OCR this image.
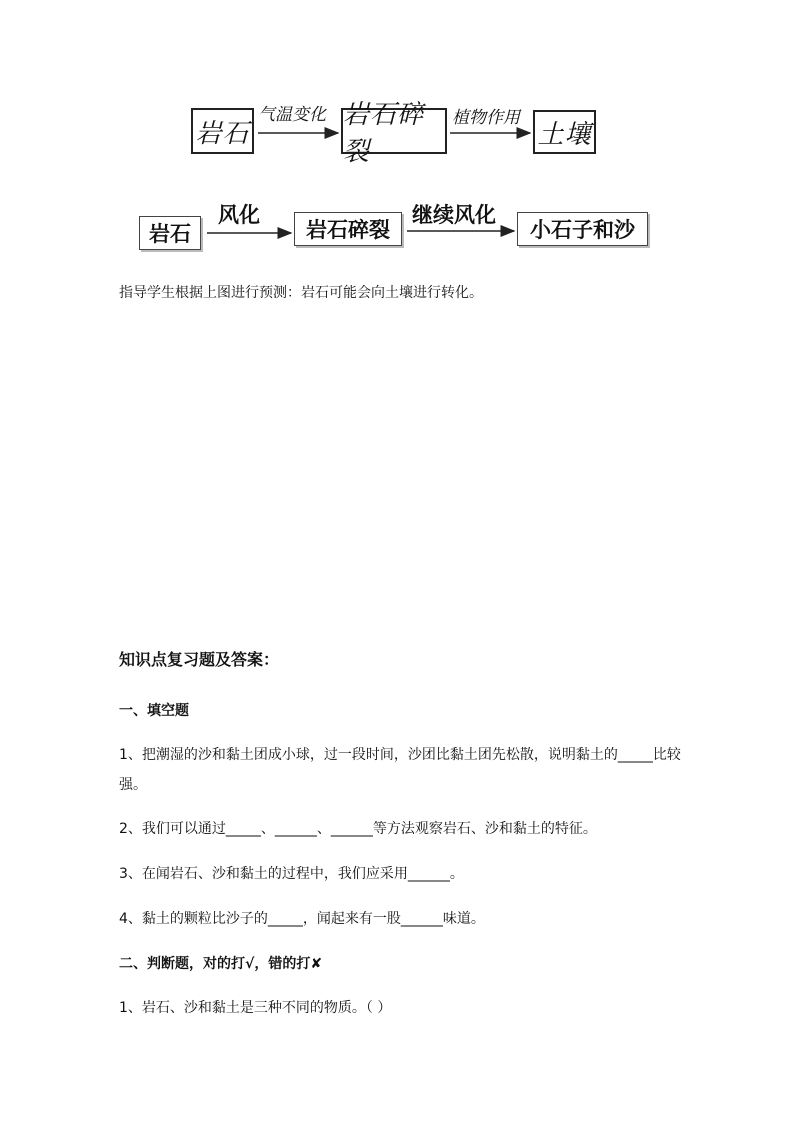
岩石
气温变化 岩石碎裂
植物作用
土壤
岩石
风化
岩石碎裂
继续风化
小石子和沙
指导学生根据上图进行预测：岩石可能会向土壤进行转化。
知识点复习题及答案：
一、填空题
1、把潮湿的沙和黏土团成小球，过一段时间，沙团比黏土团先松散，说明黏土的_____比较
强。
2、我们可以通过_____、______、______等方法观察岩石、沙和黏土的特征。
3、在闻岩石、沙和黏土的过程中，我们应采用______。
4、黏土的颗粒比沙子的_____，闻起来有一股______味道。
二、判断题，对的打√，错的打✘
1、岩石、沙和黏土是三种不同的物质。（ ）
